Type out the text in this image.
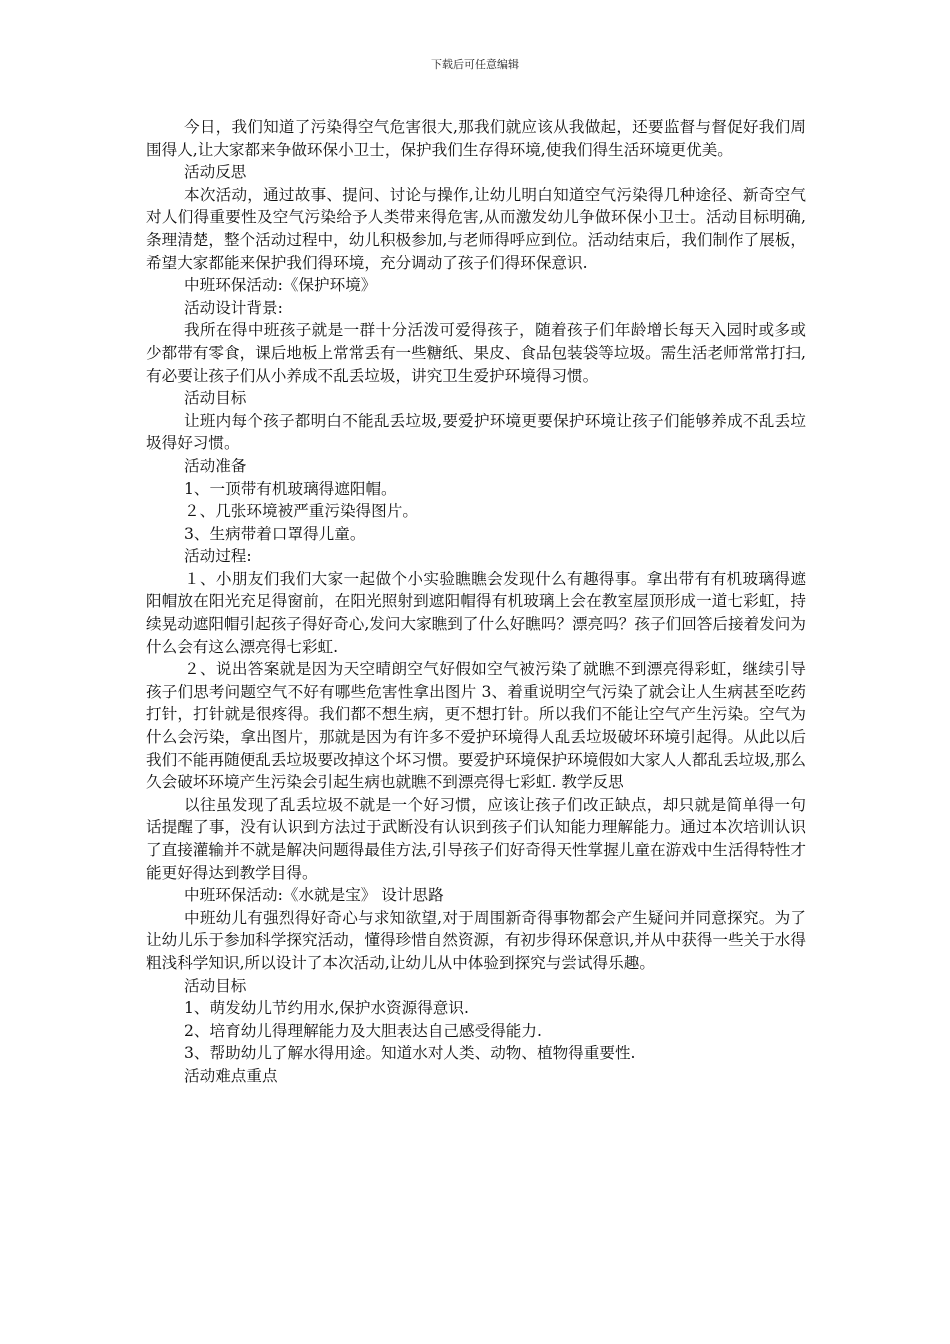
下载后可任意编辑

今日，我们知道了污染得空气危害很大,那我们就应该从我做起，还要监督与督促好我们周围得人,让大家都来争做环保小卫士，保护我们生存得环境,使我们得生活环境更优美。

活动反思

本次活动，通过故事、提问、讨论与操作,让幼儿明白知道空气污染得几种途径、新奇空气对人们得重要性及空气污染给予人类带来得危害,从而激发幼儿争做环保小卫士。活动目标明确,条理清楚，整个活动过程中，幼儿积极参加,与老师得呼应到位。活动结束后，我们制作了展板，希望大家都能来保护我们得环境，充分调动了孩子们得环保意识.

中班环保活动:《保护环境》

活动设计背景:

我所在得中班孩子就是一群十分活泼可爱得孩子，随着孩子们年龄增长每天入园时或多或少都带有零食，课后地板上常常丢有一些糖纸、果皮、食品包装袋等垃圾。需生活老师常常打扫,有必要让孩子们从小养成不乱丢垃圾，讲究卫生爱护环境得习惯。

活动目标

让班内每个孩子都明白不能乱丢垃圾,要爱护环境更要保护环境让孩子们能够养成不乱丢垃圾得好习惯。

活动准备

1、一顶带有机玻璃得遮阳帽。

２、几张环境被严重污染得图片。

3、生病带着口罩得儿童。

活动过程:

１、小朋友们我们大家一起做个小实验瞧瞧会发现什么有趣得事。拿出带有有机玻璃得遮阳帽放在阳光充足得窗前，在阳光照射到遮阳帽得有机玻璃上会在教室屋顶形成一道七彩虹，持续晃动遮阳帽引起孩子得好奇心,发问大家瞧到了什么好瞧吗？漂亮吗？孩子们回答后接着发问为什么会有这么漂亮得七彩虹.

２、说出答案就是因为天空晴朗空气好假如空气被污染了就瞧不到漂亮得彩虹，继续引导孩子们思考问题空气不好有哪些危害性拿出图片 3、着重说明空气污染了就会让人生病甚至吃药打针，打针就是很疼得。我们都不想生病，更不想打针。所以我们不能让空气产生污染。空气为什么会污染，拿出图片，那就是因为有许多不爱护环境得人乱丢垃圾破坏环境引起得。从此以后我们不能再随便乱丢垃圾要改掉这个坏习惯。要爱护环境保护环境假如大家人人都乱丢垃圾,那么久会破坏环境产生污染会引起生病也就瞧不到漂亮得七彩虹. 教学反思

以往虽发现了乱丢垃圾不就是一个好习惯，应该让孩子们改正缺点，却只就是简单得一句话提醒了事，没有认识到方法过于武断没有认识到孩子们认知能力理解能力。通过本次培训认识了直接灌输并不就是解决问题得最佳方法,引导孩子们好奇得天性掌握儿童在游戏中生活得特性才能更好得达到教学目得。

中班环保活动:《水就是宝》 设计思路

中班幼儿有强烈得好奇心与求知欲望,对于周围新奇得事物都会产生疑问并同意探究。为了让幼儿乐于参加科学探究活动，懂得珍惜自然资源，有初步得环保意识,并从中获得一些关于水得粗浅科学知识,所以设计了本次活动,让幼儿从中体验到探究与尝试得乐趣。

活动目标

1、萌发幼儿节约用水,保护水资源得意识.

2、培育幼儿得理解能力及大胆表达自己感受得能力.

3、帮助幼儿了解水得用途。知道水对人类、动物、植物得重要性.

活动难点重点
